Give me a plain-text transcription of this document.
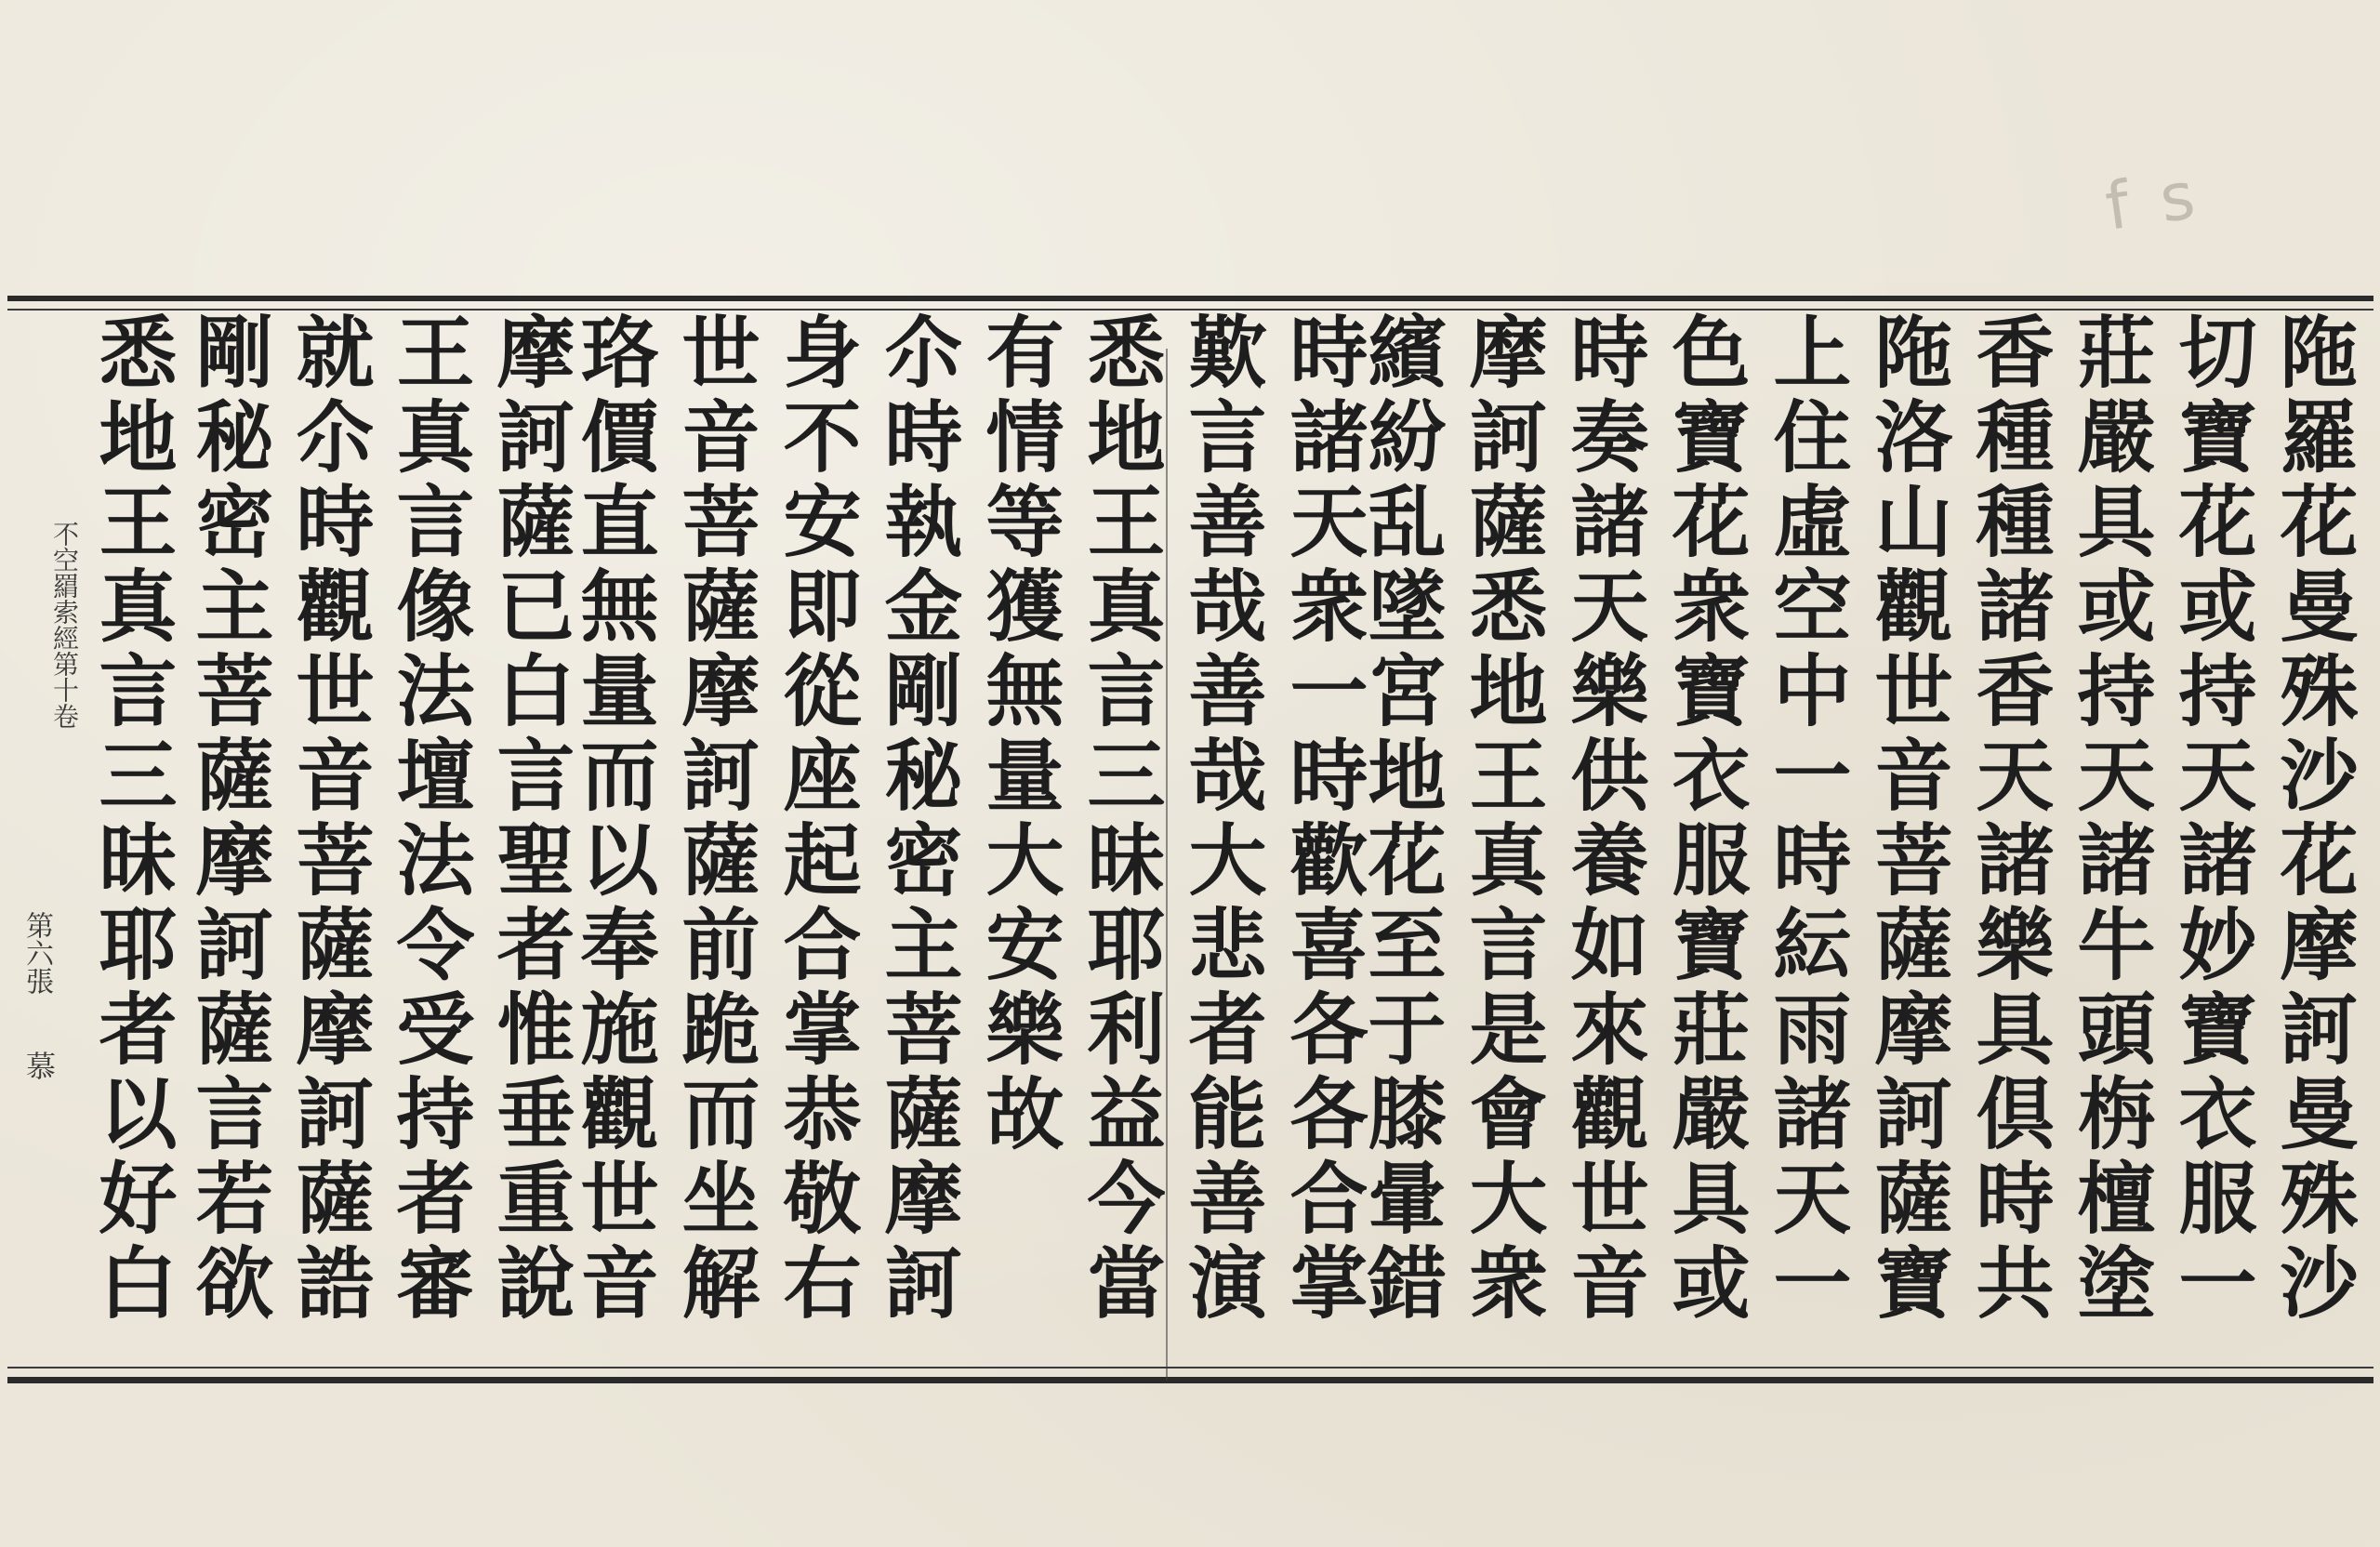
f s
陁羅花曼殊沙花摩訶曼殊沙
切寶花或持天諸妙寶衣服一
莊嚴具或持天諸牛頭栴檀塗
香種種諸香天諸樂具倶時共
陁洛山觀世音菩薩摩訶薩寶
上住虛空中一時紜雨諸天一
色寶花衆寶衣服寶莊嚴具或
時奏諸天樂供養如來觀世音
摩訶薩悉地王真言是會大衆
繽紛乱墜宮地花至于膝暈錯
時諸天衆一時歡喜各各合掌
歎言善哉善哉大悲者能善演
悉地王真言三昧耶利益今當
有情等獲無量大安樂故
尒時執金剛秘密主菩薩摩訶
身不安即從座起合掌恭敬右
世音菩薩摩訶薩前跪而坐解
珞價直無量而以奉施觀世音
摩訶薩已白言聖者惟垂重說
王真言像法壇法令受持者審
就尒時觀世音菩薩摩訶薩誥
剛秘密主菩薩摩訶薩言若欲
悉地王真言三昧耶者以好白
不空羂索經第十卷
第六張
慕
